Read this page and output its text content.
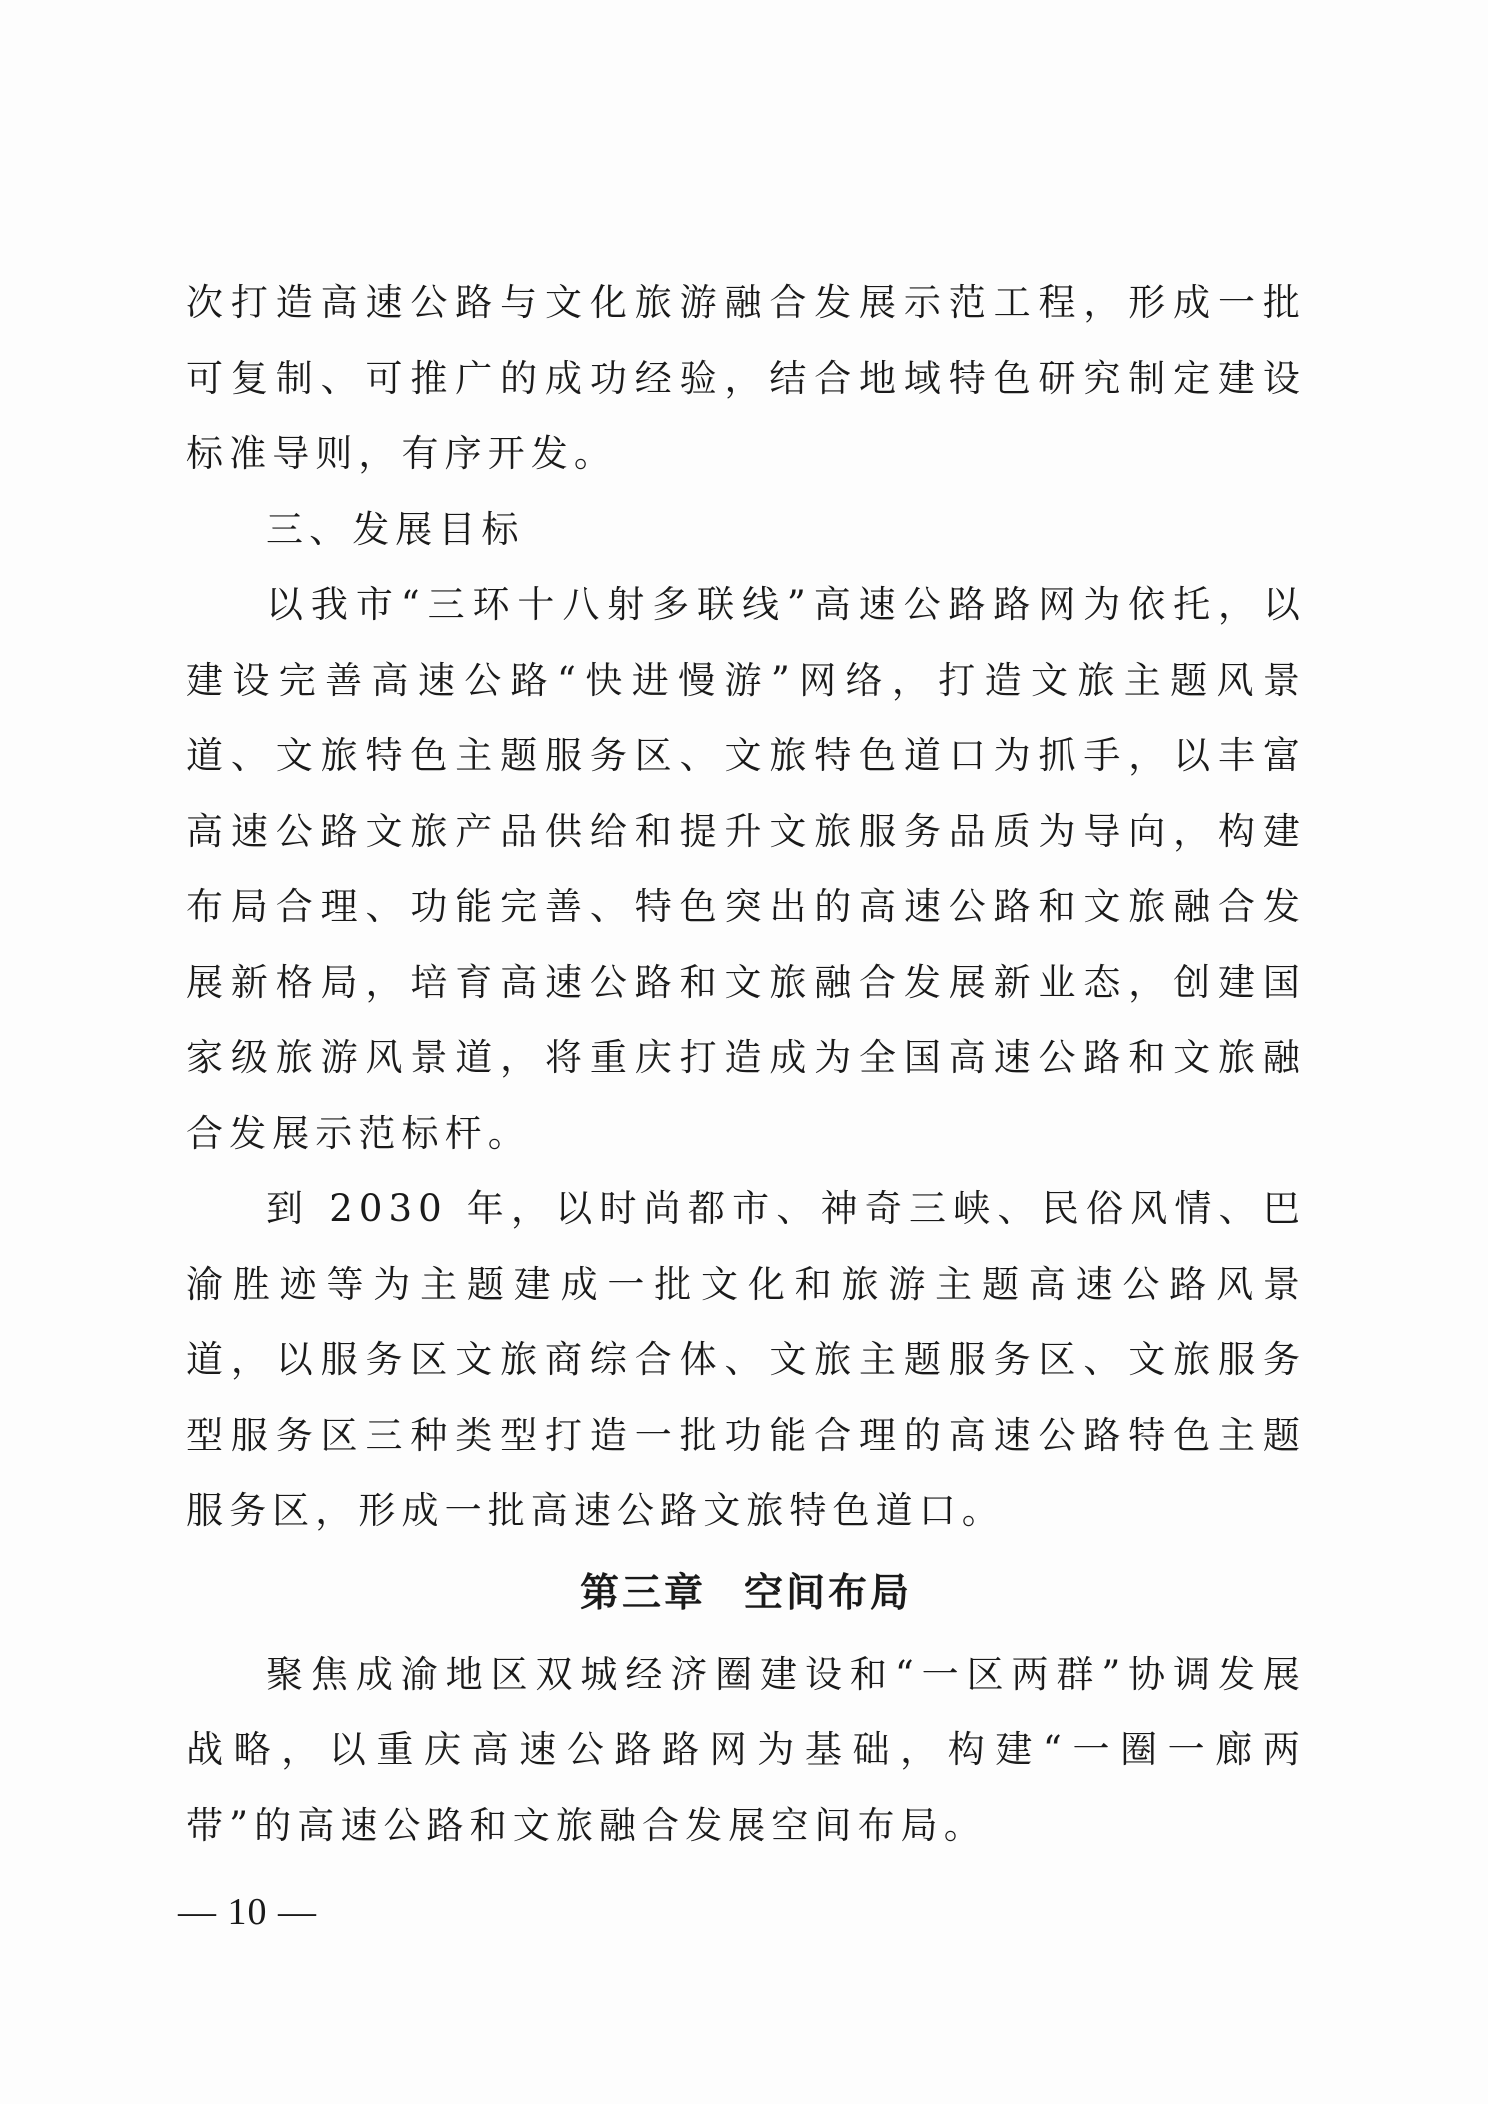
次打造高速公路与文化旅游融合发展示范工程，形成一批可复制、可推广的成功经验，结合地域特色研究制定建设标准导则，有序开发。

三、发展目标

以我市“三环十八射多联线”高速公路路网为依托，以建设完善高速公路“快进慢游”网络，打造文旅主题风景道、文旅特色主题服务区、文旅特色道口为抓手，以丰富高速公路文旅产品供给和提升文旅服务品质为导向，构建布局合理、功能完善、特色突出的高速公路和文旅融合发展新格局，培育高速公路和文旅融合发展新业态，创建国家级旅游风景道，将重庆打造成为全国高速公路和文旅融合发展示范标杆。

到 2030 年，以时尚都市、神奇三峡、民俗风情、巴渝胜迹等为主题建成一批文化和旅游主题高速公路风景道，以服务区文旅商综合体、文旅主题服务区、文旅服务型服务区三种类型打造一批功能合理的高速公路特色主题服务区，形成一批高速公路文旅特色道口。

第三章 空间布局

聚焦成渝地区双城经济圈建设和“一区两群”协调发展战略，以重庆高速公路路网为基础，构建“一圈一廊两带”的高速公路和文旅融合发展空间布局。

— 10 —
